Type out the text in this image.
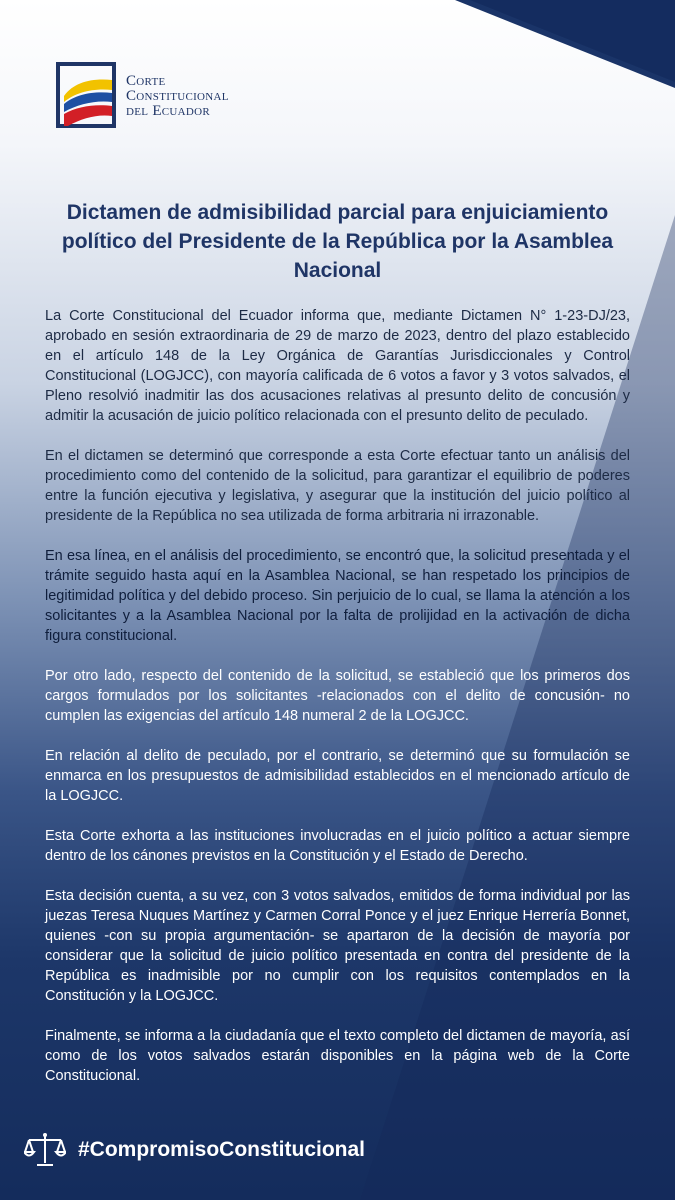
Corte
Constitucional
del Ecuador
Dictamen de admisibilidad parcial para enjuiciamiento político del Presidente de la República por la Asamblea Nacional

La Corte Constitucional del Ecuador informa que, mediante Dictamen N° 1-23-DJ/23, aprobado en sesión extraordinaria de 29 de marzo de 2023, dentro del plazo establecido en el artículo 148 de la Ley Orgánica de Garantías Jurisdiccionales y Control Constitucional (LOGJCC), con mayoría calificada de 6 votos a favor y 3 votos salvados, el Pleno resolvió inadmitir las dos acusaciones relativas al presunto delito de concusión y admitir la acusación de juicio político relacionada con el presunto delito de peculado.

En el dictamen se determinó que corresponde a esta Corte efectuar tanto un análisis del procedimiento como del contenido de la solicitud, para garantizar el equilibrio de poderes entre la función ejecutiva y legislativa, y asegurar que la institución del juicio político al presidente de la República no sea utilizada de forma arbitraria ni irrazonable.

En esa línea, en el análisis del procedimiento, se encontró que, la solicitud presentada y el trámite seguido hasta aquí en la Asamblea Nacional, se han respetado los principios de legitimidad política y del debido proceso. Sin perjuicio de lo cual, se llama la atención a los solicitantes y a la Asamblea Nacional por la falta de prolijidad en la activación de dicha figura constitucional.

Por otro lado, respecto del contenido de la solicitud, se estableció que los primeros dos cargos formulados por los solicitantes -relacionados con el delito de concusión- no cumplen las exigencias del artículo 148 numeral 2 de la LOGJCC.

En relación al delito de peculado, por el contrario, se determinó que su formulación se enmarca en los presupuestos de admisibilidad establecidos en el mencionado artículo de la LOGJCC.

Esta Corte exhorta a las instituciones involucradas en el juicio político a actuar siempre dentro de los cánones previstos en la Constitución y el Estado de Derecho.

Esta decisión cuenta, a su vez, con 3 votos salvados, emitidos de forma individual por las juezas Teresa Nuques Martínez y Carmen Corral Ponce y el juez Enrique Herrería Bonnet, quienes -con su propia argumentación- se apartaron de la decisión de mayoría por considerar que la solicitud de juicio político presentada en contra del presidente de la República es inadmisible por no cumplir con los requisitos contemplados en la Constitución y la LOGJCC.

Finalmente, se informa a la ciudadanía que el texto completo del dictamen de mayoría, así como de los votos salvados estarán disponibles en la página web de la Corte Constitucional.

#CompromisoConstitucional
